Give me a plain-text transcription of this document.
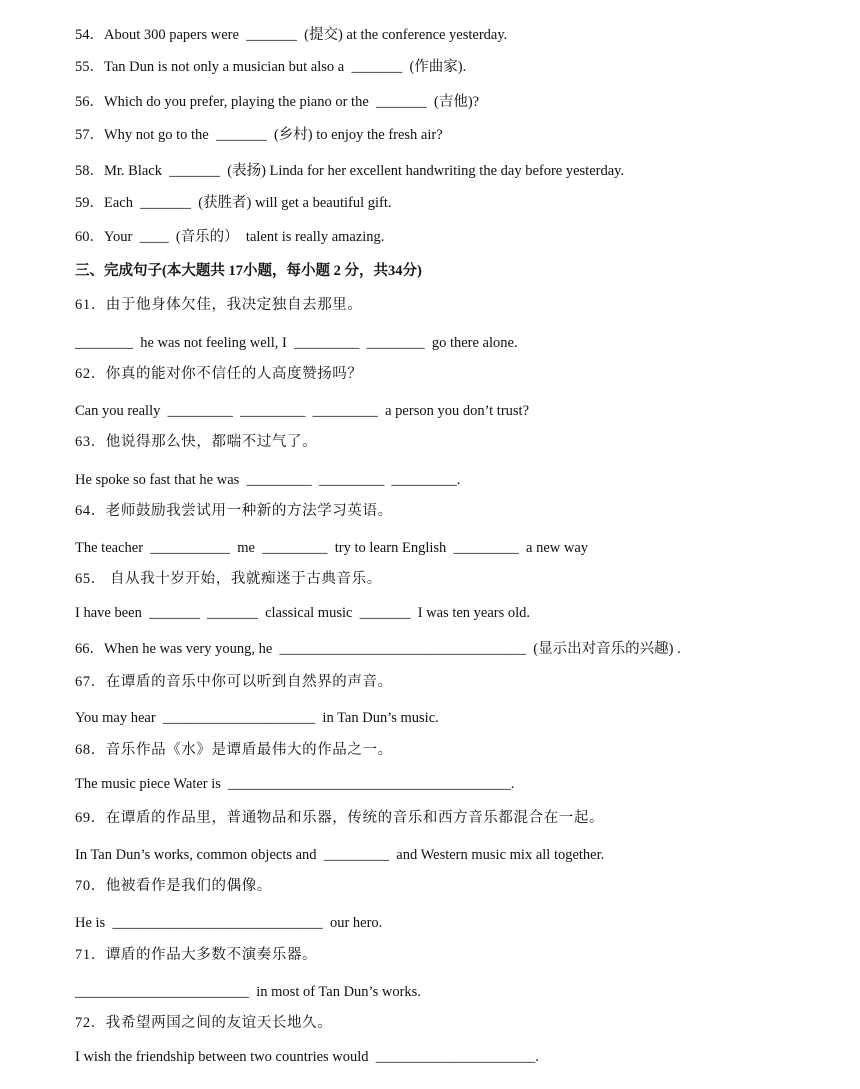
54．About 300 papers were  _______  (提交) at the conference yesterday.
55．Tan Dun is not only a musician but also a  _______  (作曲家).
56．Which do you prefer, playing the piano or the  _______  (吉他)?
57．Why not go to the  _______  (乡村) to enjoy the fresh air?
58．Mr. Black  _______  (表扬) Linda for her excellent handwriting the day before yesterday.
59．Each  _______  (获胜者) will get a beautiful gift.
60．Your  ____  (音乐的）  talent is really amazing.
三、完成句子(本大题共 17小题，每小题 2 分，共34分)
61．由于他身体欠佳，我决定独自去那里。
________  he was not feeling well, I  _________  ________  go there alone.
62．你真的能对你不信任的人高度赞扬吗？
Can you really  _________  _________  _________  a person you don’t trust?
63．他说得那么快，都喘不过气了。
He spoke so fast that he was  _________  _________  _________.
64．老师鼓励我尝试用一种新的方法学习英语。
The teacher  ___________  me  _________  try to learn English  _________  a new way
65． 自从我十岁开始，我就痴迷于古典音乐。
I have been  _______  _______  classical music  _______  I was ten years old.
66．When he was very young, he  __________________________________  (显示出对音乐的兴趣) .
67．在谭盾的音乐中你可以听到自然界的声音。
You may hear  _____________________  in Tan Dun’s music.
68．音乐作品《水》是谭盾最伟大的作品之一。
The music piece Water is  _______________________________________.
69．在谭盾的作品里，普通物品和乐器，传统的音乐和西方音乐都混合在一起。
In Tan Dun’s works, common objects and  _________  and Western music mix all together.
70．他被看作是我们的偶像。
He is  _____________________________  our hero.
71．谭盾的作品大多数不演奏乐器。
________________________  in most of Tan Dun’s works.
72．我希望两国之间的友谊天长地久。
I wish the friendship between two countries would  ______________________.
